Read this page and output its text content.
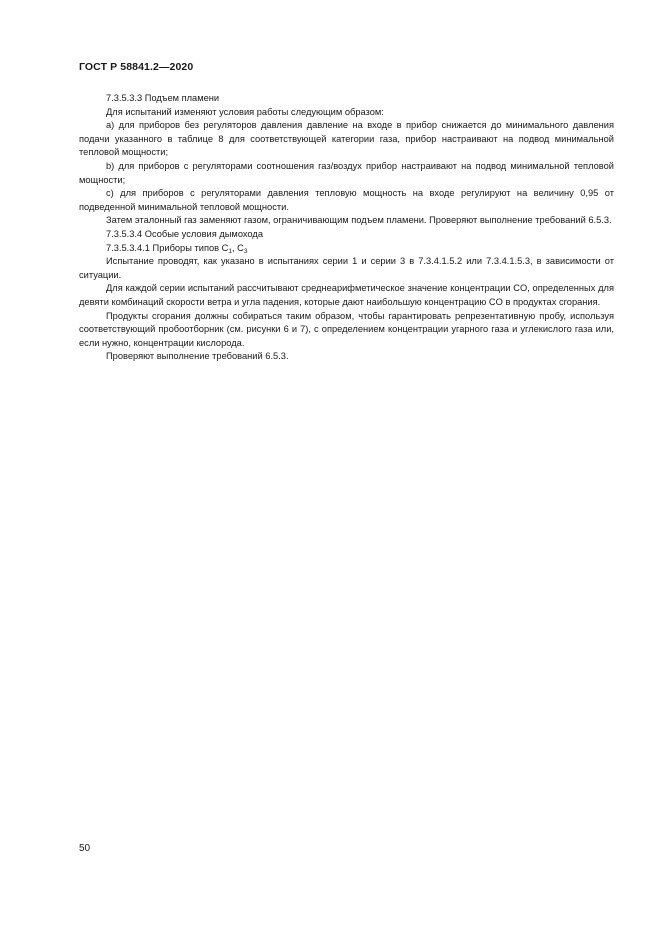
ГОСТ Р 58841.2—2020

7.3.5.3.3 Подъем пламени

Для испытаний изменяют условия работы следующим образом:

а) для приборов без регуляторов давления давление на входе в прибор снижается до минимального давления подачи указанного в таблице 8 для соответствующей категории газа, прибор настраивают на подвод минимальной тепловой мощности;

b) для приборов с регуляторами соотношения газ/воздух прибор настраивают на подвод минимальной тепловой мощности;

c) для приборов с регуляторами давления тепловую мощность на входе регулируют на величину 0,95 от подведенной минимальной тепловой мощности.

Затем эталонный газ заменяют газом, ограничивающим подъем пламени. Проверяют выполнение требований 6.5.3.

7.3.5.3.4 Особые условия дымохода

7.3.5.3.4.1 Приборы типов $C_1$, $C_3$

Испытание проводят, как указано в испытаниях серии 1 и серии 3 в 7.3.4.1.5.2 или 7.3.4.1.5.3, в зависимости от ситуации.

Для каждой серии испытаний рассчитывают среднеарифметическое значение концентрации CO, определенных для девяти комбинаций скорости ветра и угла падения, которые дают наибольшую концентрацию CO в продуктах сгорания.

Продукты сгорания должны собираться таким образом, чтобы гарантировать репрезентативную пробу, используя соответствующий пробоотборник (см. рисунки 6 и 7), с определением концентрации угарного газа и углекислого газа или, если нужно, концентрации кислорода.

Проверяют выполнение требований 6.5.3.

50
